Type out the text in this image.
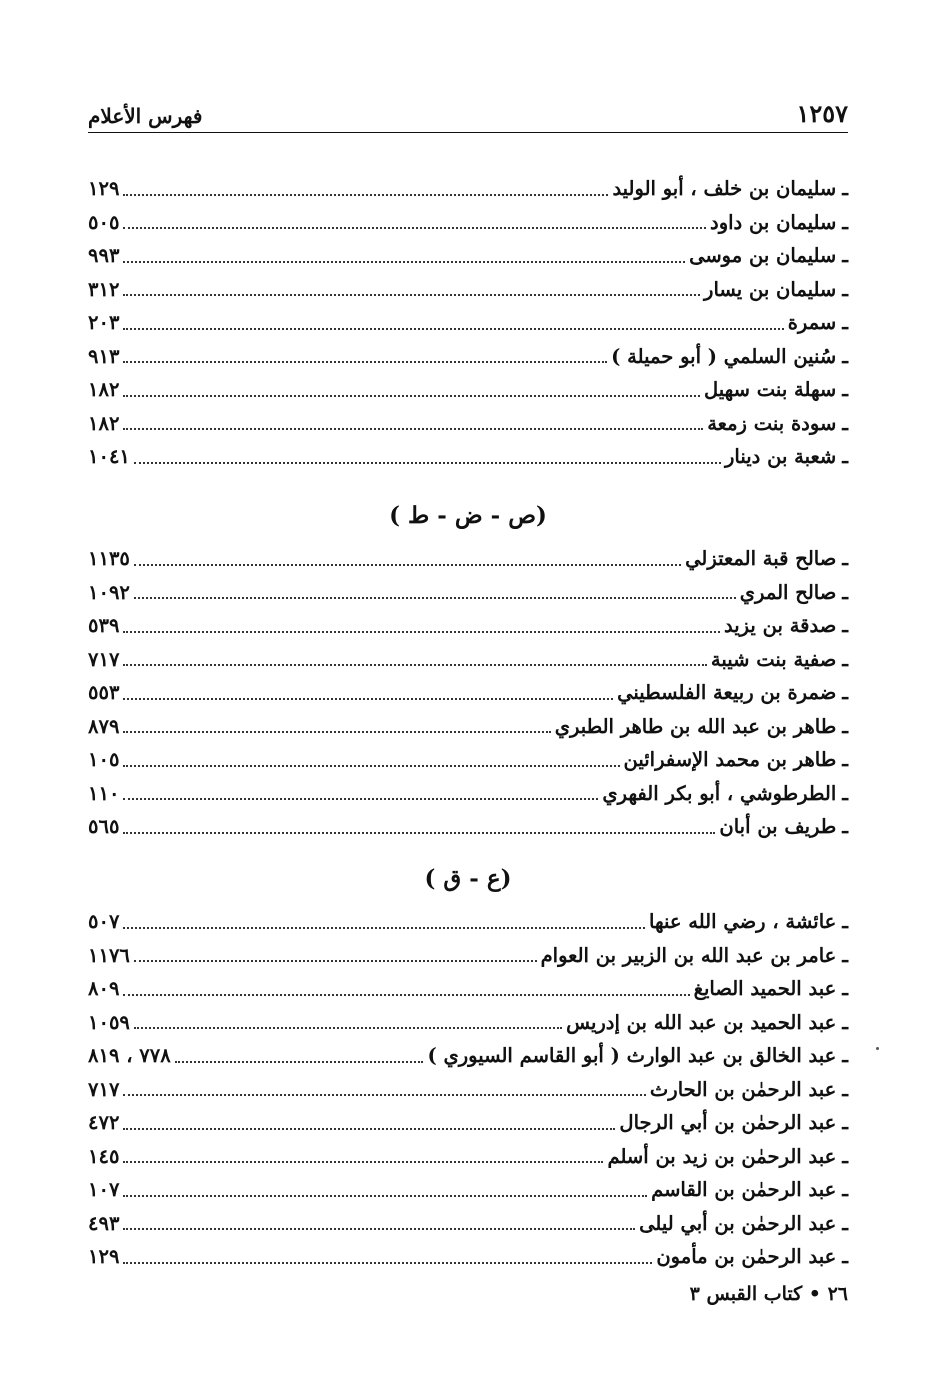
١٢٥٧
فهرس الأعلام
ـ
سليمان بن خلف ، أبو الوليد
١٢٩
ـ
سليمان بن داود
٥٠٥
ـ
سليمان بن موسى
٩٩٣
ـ
سليمان بن يسار
٣١٢
ـ
سمرة
٢٠٣
ـ
سُنين السلمي ( أبو حميلة )
٩١٣
ـ
سهلة بنت سهيل
١٨٢
ـ
سودة بنت زمعة
١٨٢
ـ
شعبة بن دينار
١٠٤١
(ص - ض - ط )
ـ
صالح قبة المعتزلي
١١٣٥
ـ
صالح المري
١٠٩٢
ـ
صدقة بن يزيد
٥٣٩
ـ
صفية بنت شيبة
٧١٧
ـ
ضمرة بن ربيعة الفلسطيني
٥٥٣
ـ
طاهر بن عبد الله بن طاهر الطبري
٨٧٩
ـ
طاهر بن محمد الإسفرائين
١٠٥
ـ
الطرطوشي ، أبو بكر الفهري
١١٠
ـ
طريف بن أبان
٥٦٥
(ع - ق )
ـ
عائشة ، رضي الله عنها
٥٠٧
ـ
عامر بن عبد الله بن الزبير بن العوام
١١٧٦
ـ
عبد الحميد الصايغ
٨٠٩
ـ
عبد الحميد بن عبد الله بن إدريس
١٠٥٩
ـ
عبد الخالق بن عبد الوارث ( أبو القاسم السيوري )
٧٧٨ ، ٨١٩
ـ
عبد الرحمٰن بن الحارث
٧١٧
ـ
عبد الرحمٰن بن أبي الرجال
٤٧٢
ـ
عبد الرحمٰن بن زيد بن أسلم
١٤٥
ـ
عبد الرحمٰن بن القاسم
١٠٧
ـ
عبد الرحمٰن بن أبي ليلى
٤٩٣
ـ
عبد الرحمٰن بن مأمون
١٢٩
٢٦ • كتاب القبس ٣
